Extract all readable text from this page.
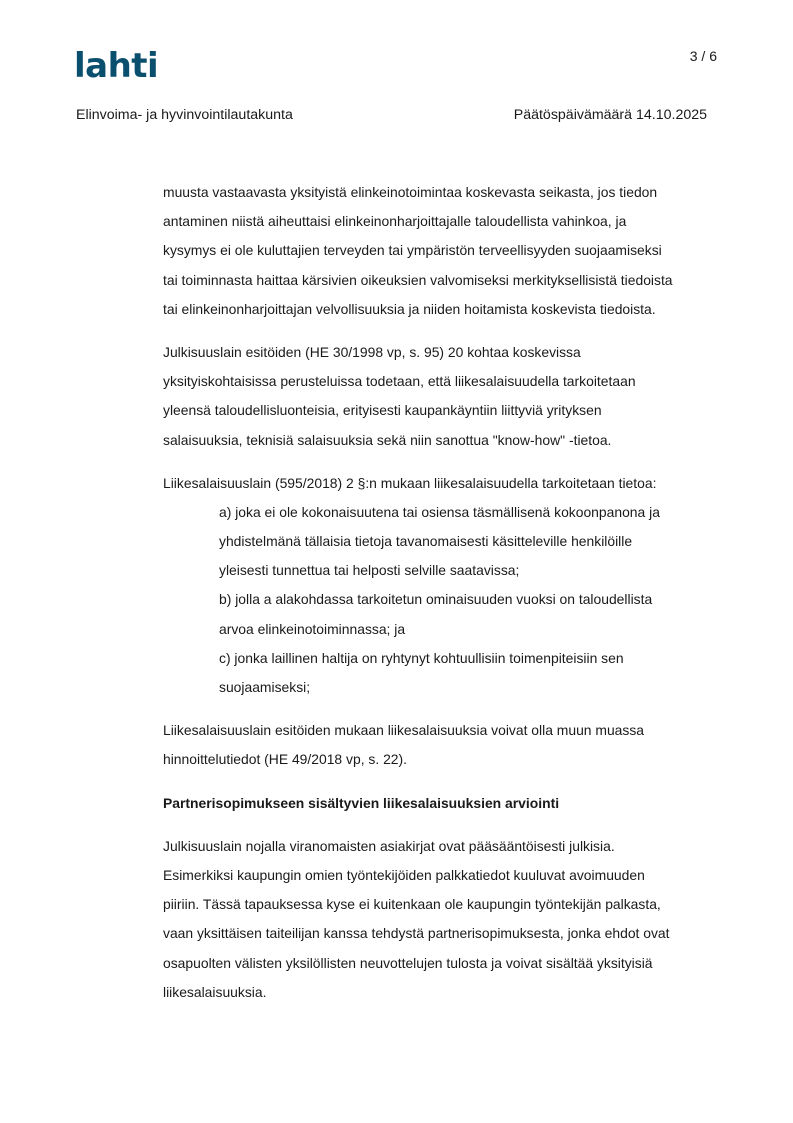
lahti	3 / 6
Elinvoima- ja hyvinvointilautakunta	Päätöspäivämäärä 14.10.2025
muusta vastaavasta yksityistä elinkeinotoimintaa koskevasta seikasta, jos tiedon
antaminen niistä aiheuttaisi elinkeinonharjoittajalle taloudellista vahinkoa, ja
kysymys ei ole kuluttajien terveyden tai ympäristön terveellisyyden suojaamiseksi
tai toiminnasta haittaa kärsivien oikeuksien valvomiseksi merkityksellisistä tiedoista
tai elinkeinonharjoittajan velvollisuuksia ja niiden hoitamista koskevista tiedoista.
Julkisuuslain esitöiden (HE 30/1998 vp, s. 95) 20 kohtaa koskevissa
yksityiskohtaisissa perusteluissa todetaan, että liikesalaisuudella tarkoitetaan
yleensä taloudellisluonteisia, erityisesti kaupankäyntiin liittyviä yrityksen
salaisuuksia, teknisiä salaisuuksia sekä niin sanottua "know-how" -tietoa.
Liikesalaisuuslain (595/2018) 2 §:n mukaan liikesalaisuudella tarkoitetaan tietoa:
a) joka ei ole kokonaisuutena tai osiensa täsmällisenä kokoonpanona ja
yhdistelmänä tällaisia tietoja tavanomaisesti käsitteleville henkilöille
yleisesti tunnettua tai helposti selville saatavissa;
b) jolla a alakohdassa tarkoitetun ominaisuuden vuoksi on taloudellista
arvoa elinkeinotoiminnassa; ja
c) jonka laillinen haltija on ryhtynyt kohtuullisiin toimenpiteisiin sen
suojaamiseksi;
Liikesalaisuuslain esitöiden mukaan liikesalaisuuksia voivat olla muun muassa
hinnoittelutiedot (HE 49/2018 vp, s. 22).
Partnerisopimukseen sisältyvien liikesalaisuuksien arviointi
Julkisuuslain nojalla viranomaisten asiakirjat ovat pääsääntöisesti julkisia.
Esimerkiksi kaupungin omien työntekijöiden palkkatiedot kuuluvat avoimuuden
piiriin. Tässä tapauksessa kyse ei kuitenkaan ole kaupungin työntekijän palkasta,
vaan yksittäisen taiteilijan kanssa tehdystä partnerisopimuksesta, jonka ehdot ovat
osapuolten välisten yksilöllisten neuvottelujen tulosta ja voivat sisältää yksityisiä
liikesalaisuuksia.
